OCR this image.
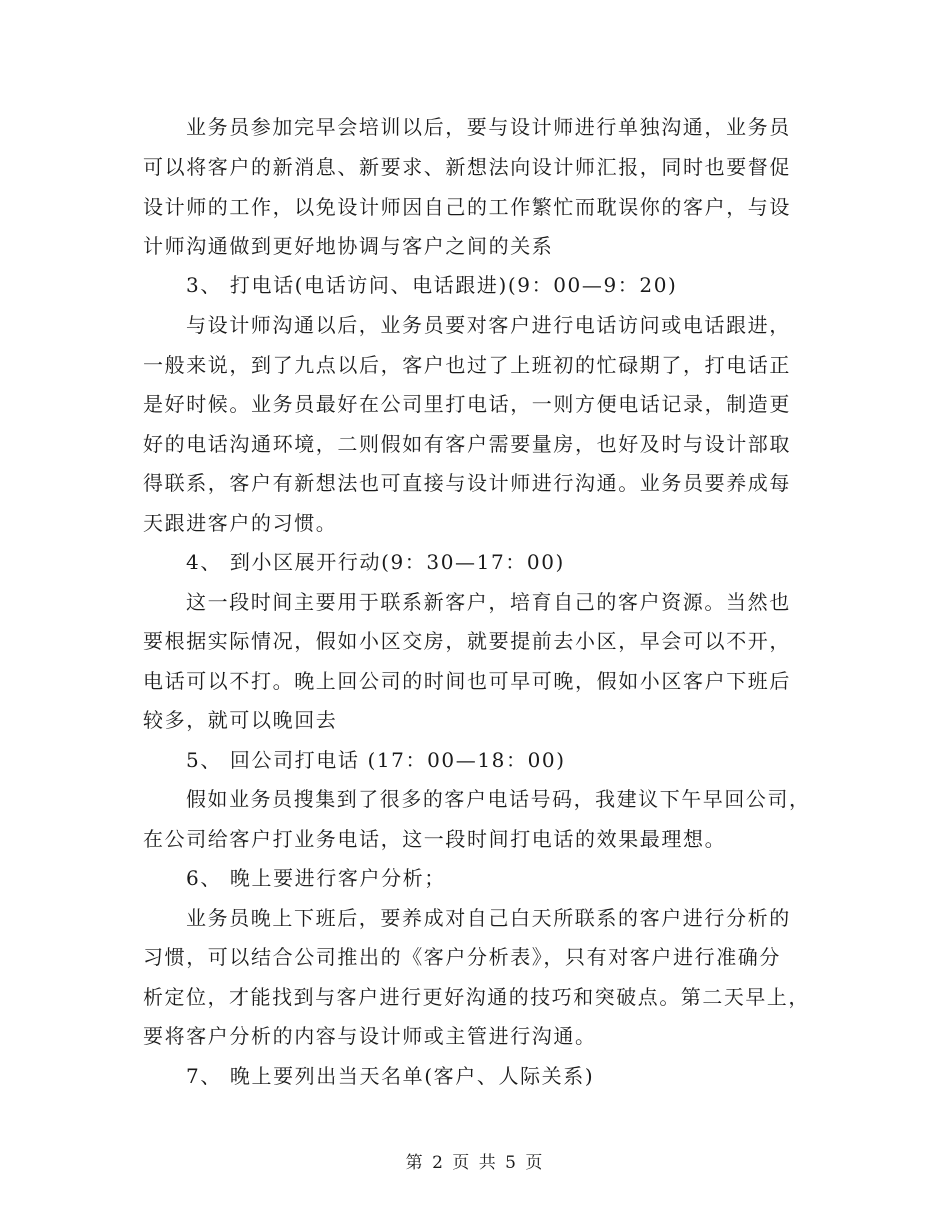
业务员参加完早会培训以后，要与设计师进行单独沟通，业务员
可以将客户的新消息、新要求、新想法向设计师汇报，同时也要督促
设计师的工作，以免设计师因自己的工作繁忙而耽误你的客户，与设
计师沟通做到更好地协调与客户之间的关系
3、 打电话(电话访问、电话跟进)(9：00—9：20)
与设计师沟通以后，业务员要对客户进行电话访问或电话跟进，
一般来说，到了九点以后，客户也过了上班初的忙碌期了，打电话正
是好时候。业务员最好在公司里打电话，一则方便电话记录，制造更
好的电话沟通环境，二则假如有客户需要量房，也好及时与设计部取
得联系，客户有新想法也可直接与设计师进行沟通。业务员要养成每
天跟进客户的习惯。
4、 到小区展开行动(9：30—17：00)
这一段时间主要用于联系新客户，培育自己的客户资源。当然也
要根据实际情况，假如小区交房，就要提前去小区，早会可以不开，
电话可以不打。晚上回公司的时间也可早可晚，假如小区客户下班后
较多，就可以晚回去
5、 回公司打电话 (17：00—18：00)
假如业务员搜集到了很多的客户电话号码，我建议下午早回公司，
在公司给客户打业务电话，这一段时间打电话的效果最理想。
6、 晚上要进行客户分析；
业务员晚上下班后，要养成对自己白天所联系的客户进行分析的
习惯，可以结合公司推出的《客户分析表》，只有对客户进行准确分
析定位，才能找到与客户进行更好沟通的技巧和突破点。第二天早上，
要将客户分析的内容与设计师或主管进行沟通。
7、 晚上要列出当天名单(客户、人际关系)
第 2 页 共 5 页
